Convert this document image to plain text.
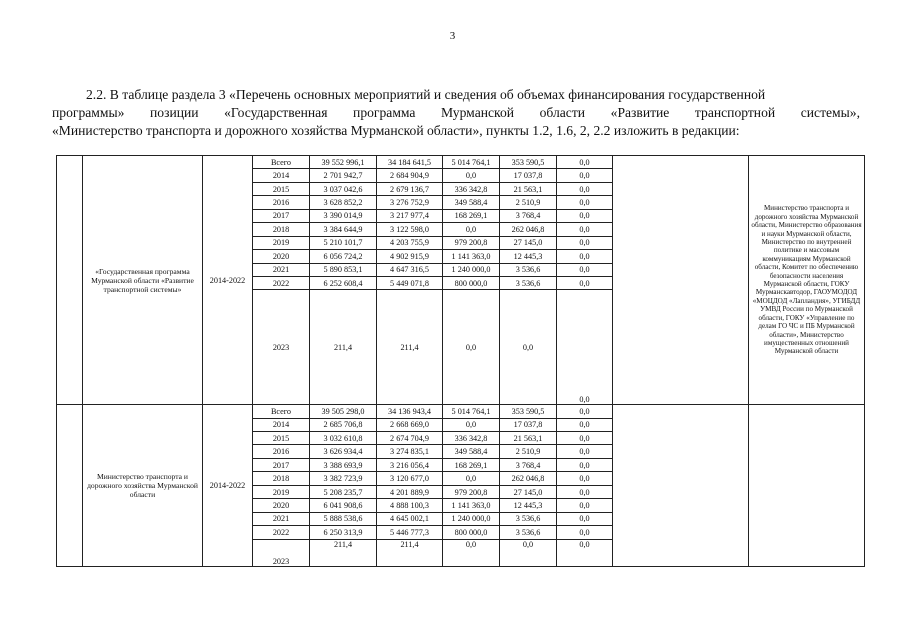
3
2.2. В таблице раздела 3 «Перечень основных мероприятий и сведения об объемах финансирования государственной
программы» позиции «Государственная программа Мурманской области «Развитие транспортной системы»,
«Министерство транспорта и дорожного хозяйства Мурманской области», пункты 1.2, 1.6, 2, 2.2 изложить в редакции:
	«Государственная программа Мурманской области «Развитие транспортной системы»	2014-2022	Всего	39 552 996,1	34 184 641,5	5 014 764,1	353 590,5	0,0		Министерство транспорта и дорожного хозяйства Мурманской области, Министерство образования и науки Мурманской области, Министерство по внутренней политике и массовым коммуникациям Мурманской области, Комитет по обеспечению безопасности населения Мурманской области, ГОКУ Мурманскавтодор, ГАОУМОДОД «МОЦДОД «Лапландия», УГИБДД УМВД России по Мурманской области, ГОКУ «Управление по делам ГО ЧС и ПБ Мурманской области», Министерство имущественных отношений Мурманской области
			2014	2 701 942,7	2 684 904,9	0,0	17 037,8	0,0		
			2015	3 037 042,6	2 679 136,7	336 342,8	21 563,1	0,0		
			2016	3 628 852,2	3 276 752,9	349 588,4	2 510,9	0,0		
			2017	3 390 014,9	3 217 977,4	168 269,1	3 768,4	0,0		
			2018	3 384 644,9	3 122 598,0	0,0	262 046,8	0,0		
			2019	5 210 101,7	4 203 755,9	979 200,8	27 145,0	0,0		
			2020	6 056 724,2	4 902 915,9	1 141 363,0	12 445,3	0,0		
			2021	5 890 853,1	4 647 316,5	1 240 000,0	3 536,6	0,0		
			2022	6 252 608,4	5 449 071,8	800 000,0	3 536,6	0,0		
			2023	211,4	211,4	0,0	0,0	0,0		
	Министерство транспорта и дорожного хозяйства Мурманской области	2014-2022	Всего	39 505 298,0	34 136 943,4	5 014 764,1	353 590,5	0,0		
			2014	2 685 706,8	2 668 669,0	0,0	17 037,8	0,0		
			2015	3 032 610,8	2 674 704,9	336 342,8	21 563,1	0,0		
			2016	3 626 934,4	3 274 835,1	349 588,4	2 510,9	0,0		
			2017	3 388 693,9	3 216 056,4	168 269,1	3 768,4	0,0		
			2018	3 382 723,9	3 120 677,0	0,0	262 046,8	0,0		
			2019	5 208 235,7	4 201 889,9	979 200,8	27 145,0	0,0		
			2020	6 041 908,6	4 888 100,3	1 141 363,0	12 445,3	0,0		
			2021	5 888 538,6	4 645 002,1	1 240 000,0	3 536,6	0,0		
			2022	6 250 313,9	5 446 777,3	800 000,0	3 536,6	0,0		
			2023	211,4	211,4	0,0	0,0	0,0		
